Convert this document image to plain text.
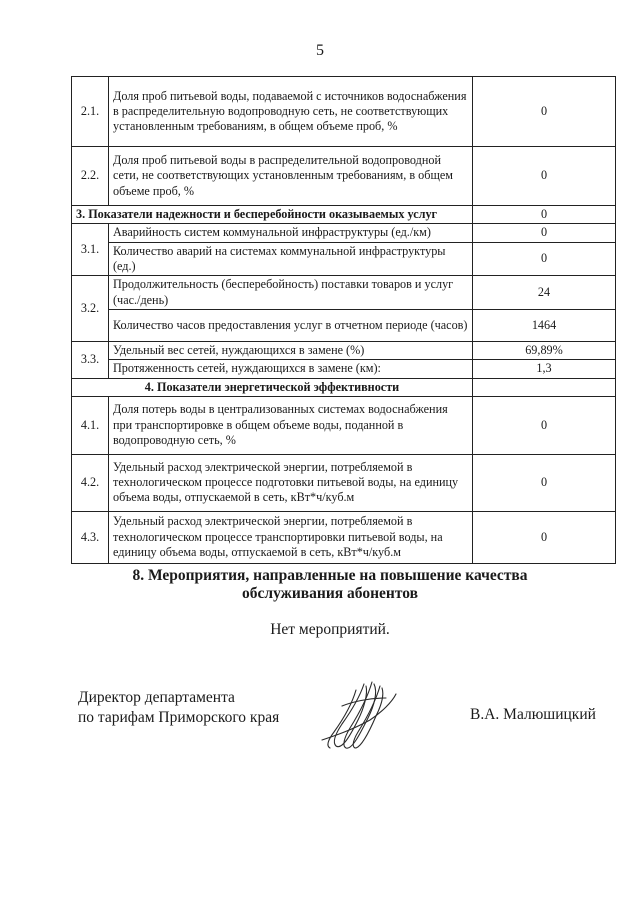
5
2.1.	Доля проб питьевой воды, подаваемой с источников водоснабжения в распределительную водопроводную сеть, не соответствующих установленным требованиям, в общем объеме проб, %	0
2.2.	Доля проб питьевой воды в распределительной водопроводной сети, не соответствующих установленным требованиям, в общем объеме проб, %	0
3. Показатели надежности и бесперебойности оказываемых услуг		0
3.1.	Аварийность систем коммунальной инфраструктуры (ед./км)	0
	Количество аварий на системах коммунальной инфраструктуры (ед.)	0
3.2.	Продолжительность (бесперебойность) поставки товаров и услуг (час./день)	24
	Количество часов предоставления услуг в отчетном периоде (часов)	1464
3.3.	Удельный вес сетей, нуждающихся в замене (%)	69,89%
	Протяженность сетей, нуждающихся в замене (км):	1,3
4. Показатели энергетической эффективности		
4.1.	Доля потерь воды в централизованных системах водоснабжения при транспортировке в общем объеме воды, поданной в водопроводную сеть, %	0
4.2.	Удельный расход электрической энергии, потребляемой в технологическом процессе подготовки питьевой воды, на единицу объема воды, отпускаемой в сеть, кВт*ч/куб.м	0
4.3.	Удельный расход электрической энергии, потребляемой в технологическом процессе транспортировки питьевой воды, на единицу объема воды, отпускаемой в сеть, кВт*ч/куб.м	0
8. Мероприятия, направленные на повышение качества
обслуживания абонентов
Нет мероприятий.
Директор департамента
по тарифам Приморского края	В.А. Малюшицкий
